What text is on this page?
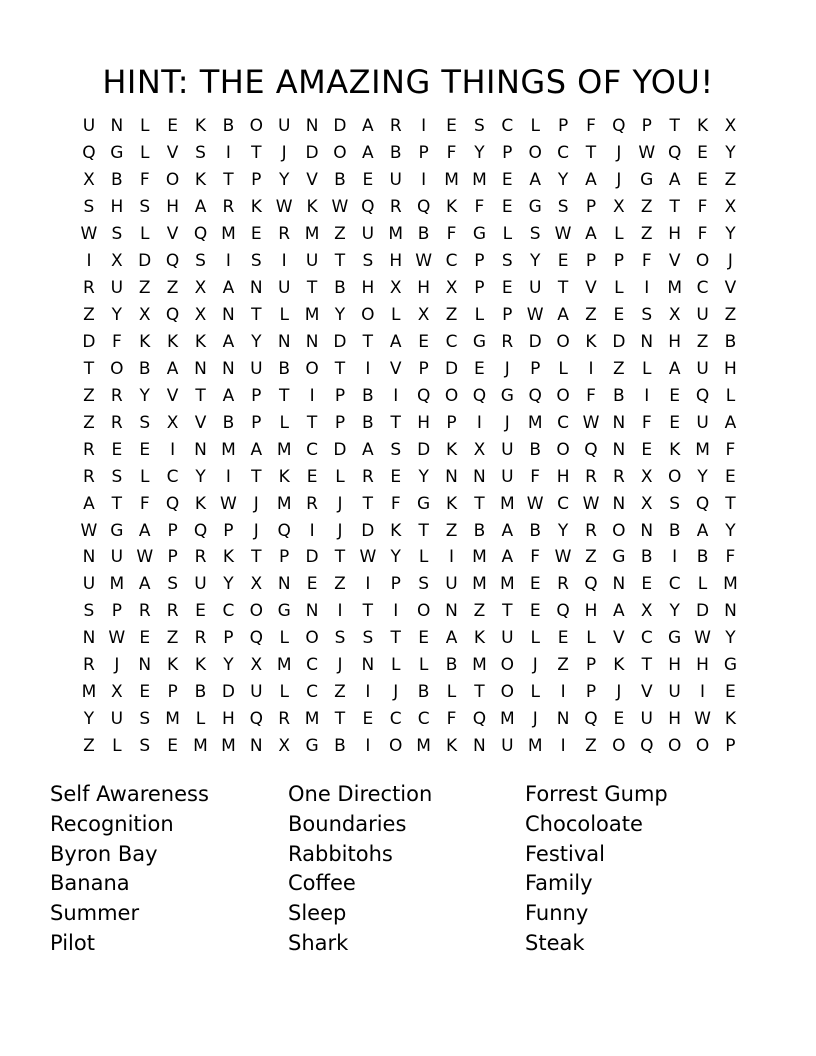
HINT: THE AMAZING THINGS OF YOU!
U N L	E K B O U N D A R	I	E	S C	L	P	F Q P	T	K X
Q G L	V S	I	T	J	D O A B P	F	Y	P O C T	J W Q E	Y
X B	F O K	T	P	Y V B E U	I	M M E A Y A	J	G A E Z
S H S H A R K W K W Q R Q K	F	E G S	P X Z T	F	X
W S	L	V Q M E R M Z U M B	F G L	S W A	L	Z H F	Y
I	X D Q S	I	S	I	U T	S H W C P	S	Y	E	P	P	F	V O	J
R U Z Z X A N U T B H X H X P	E U T V	L	I	M C V
Z Y X Q X N T	L M Y O L	X Z	L	P W A Z E	S X U Z
D F	K K K A Y N N D T A E C G R D O K D N H Z B
T O B A N N U B O T	I	V P D E	J	P	L	I	Z	L	A U H
Z R Y V T A P	T	I	P B	I	Q O Q G Q O F	B	I	E Q L
Z R S X V B P	L	T	P B T H P	I	J	M C W N F	E U A
R E	E	I	N M A M C D A S D K X U B O Q N E K M F
R S	L	C Y	I	T	K E	L	R E	Y N N U F H R R X O Y	E
A T	F Q K W J	M R	J	T	F G K	T M W C W N X S Q T
W G A P Q P	J	Q	I	J	D K	T Z B A B Y R O N B A Y
N U W P R K	T	P D T W Y	L	I	M A	F W Z G B	I	B	F
U M A S U Y X N E Z	I	P	S U M M E R Q N E C	L M
S	P R R E C O G N	I	T	I	O N Z T	E Q H A X Y D N
N W E Z R P Q L O S	S	T	E A K U L	E	L	V C G W Y
R	J	N K K	Y X M C	J	N L	L	B M O	J	Z P	K	T H H G
M X E	P B D U L	C Z	I	J	B	L	T O L	I	P	J	V U	I	E
Y U S M L H Q R M T	E C C	F Q M	J	N Q E U H W K
Z	L	S	E M M N X G B	I	O M K N U M	I	Z O Q O O P
Self Awareness
Recognition
Byron Bay
Banana
Summer
Pilot
One Direction
Boundaries
Rabbitohs
Coffee
Sleep
Shark
Forrest Gump
Chocoloate
Festival
Family
Funny
Steak
